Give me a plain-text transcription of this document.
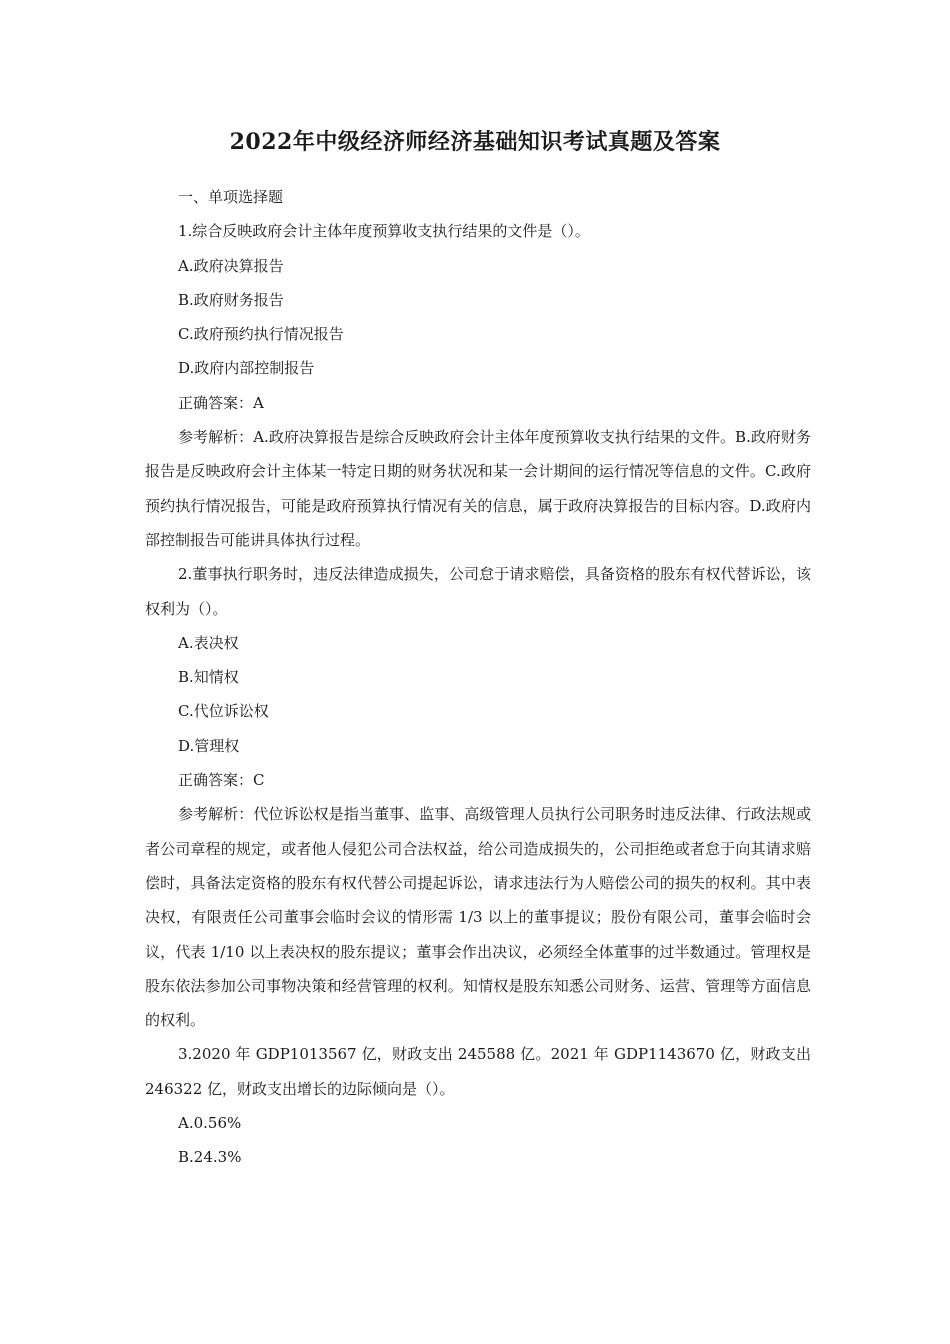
2022年中级经济师经济基础知识考试真题及答案

一、单项选择题

1.综合反映政府会计主体年度预算收支执行结果的文件是（）。

A.政府决算报告

B.政府财务报告

C.政府预约执行情况报告

D.政府内部控制报告

正确答案：A

参考解析：A.政府决算报告是综合反映政府会计主体年度预算收支执行结果的文件。B.政府财务报告是反映政府会计主体某一特定日期的财务状况和某一会计期间的运行情况等信息的文件。C.政府预约执行情况报告，可能是政府预算执行情况有关的信息，属于政府决算报告的目标内容。D.政府内部控制报告可能讲具体执行过程。

2.董事执行职务时，违反法律造成损失，公司怠于请求赔偿，具备资格的股东有权代替诉讼，该权利为（）。

A.表决权

B.知情权

C.代位诉讼权

D.管理权

正确答案：C

参考解析：代位诉讼权是指当董事、监事、高级管理人员执行公司职务时违反法律、行政法规或者公司章程的规定，或者他人侵犯公司合法权益，给公司造成损失的，公司拒绝或者怠于向其请求赔偿时，具备法定资格的股东有权代替公司提起诉讼，请求违法行为人赔偿公司的损失的权利。其中表决权，有限责任公司董事会临时会议的情形需 1/3 以上的董事提议；股份有限公司，董事会临时会议，代表 1/10 以上表决权的股东提议；董事会作出决议，必须经全体董事的过半数通过。管理权是股东依法参加公司事物决策和经营管理的权利。知情权是股东知悉公司财务、运营、管理等方面信息的权利。

3.2020 年 GDP1013567 亿，财政支出 245588 亿。2021 年 GDP1143670 亿，财政支出 246322 亿，财政支出增长的边际倾向是（）。

A.0.56%

B.24.3%
